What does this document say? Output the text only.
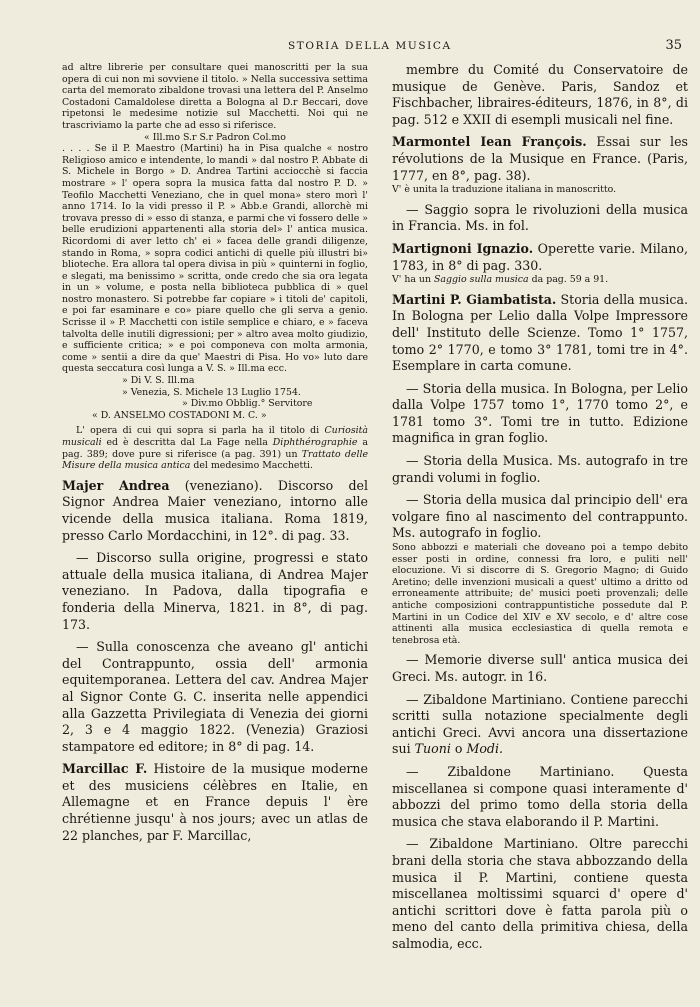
STORIA DELLA MUSICA	35

ad altre librerie per consultare quei manoscritti per la sua opera di cui non mi sovviene il titolo. » Nella successiva settima carta del memorato zibaldone trovasi una lettera del P. Anselmo Costadoni Camaldolese diretta a Bologna al D.r Beccari, dove ripetonsi le medesime notizie sul Macchetti. Noi qui ne trascriviamo la parte che ad esso si riferisce.

« Ill.mo S.r S.r Padron Col.mo

. . . . Se il P. Maestro (Martini) ha in Pisa qualche « nostro Religioso amico e intendente, lo mandi » dal nostro P. Abbate di S. Michele in Borgo » D. Andrea Tartini acciocchè si faccia mostrare » l' opera sopra la musica fatta dal nostro P. D. » Teofilo Macchetti Veneziano, che in quel mona» stero morì l' anno 1714. Io la vidi presso il P. » Abb.e Grandi, allorchè mi trovava presso di » esso di stanza, e parmi che vi fossero delle » belle erudizioni appartenenti alla storia del» l' antica musica. Ricordomi di aver letto ch' ei » facea delle grandi diligenze, stando in Roma, » sopra codici antichi di quelle più illustri bi» blioteche. Era allora tal opera divisa in più » quinterni in foglio, e slegati, ma benissimo » scritta, onde credo che sia ora legata in un » volume, e posta nella biblioteca pubblica di » quel nostro monastero. Si potrebbe far copiare » i titoli de' capitoli, e poi far esaminare e co» piare quello che gli serva a genio. Scrisse il » P. Macchetti con istile semplice e chiaro, e » faceva talvolta delle inutili digressioni; per » altro avea molto giudizio, e sufficiente critica; » e poi componeva con molta armonia, come » sentii a dire da que' Maestri di Pisa. Ho vo» luto dare questa seccatura così lunga a V. S. » Ill.ma ecc.

» Di V. S. Ill.ma

» Venezia, S. Michele 13 Luglio 1754.

» Div.mo Obblig.° Servitore

« D. ANSELMO COSTADONI M. C. »

L' opera di cui qui sopra si parla ha il titolo di Curiosità musicali ed è descritta dal La Fage nella Diphthérographie a pag. 389; dove pure si riferisce (a pag. 391) un Trattato delle Misure della musica antica del medesimo Macchetti.

Majer Andrea (veneziano). Discorso del Signor Andrea Maier veneziano, intorno alle vicende della musica italiana. Roma 1819, presso Carlo Mordacchini, in 12°. di pag. 33.

— Discorso sulla origine, progressi e stato attuale della musica italiana, di Andrea Majer veneziano. In Padova, dalla tipografia e fonderia della Minerva, 1821. in 8°, di pag. 173.

— Sulla conoscenza che aveano gl' antichi del Contrappunto, ossia dell' armonia equitemporanea. Lettera del cav. Andrea Majer al Signor Conte G. C. inserita nelle appendici alla Gazzetta Privilegiata di Venezia dei giorni 2, 3 e 4 maggio 1822. (Venezia) Graziosi stampatore ed editore; in 8° di pag. 14.

Marcillac F. Histoire de la musique moderne et des musiciens célèbres en Italie, en Allemagne et en France depuis l' ère chrétienne jusqu' à nos jours; avec un atlas de 22 planches, par F. Marcillac,

membre du Comité du Conservatoire de musique de Genève. Paris, Sandoz et Fischbacher, libraires-éditeurs, 1876, in 8°, di pag. 512 e XXII di esempli musicali nel fine.

Marmontel Iean François. Essai sur les révolutions de la Musique en France. (Paris, 1777, en 8°, pag. 38).

V' è unita la traduzione italiana in manoscritto.

— Saggio sopra le rivoluzioni della musica in Francia. Ms. in fol.

Martignoni Ignazio. Operette varie. Milano, 1783, in 8° di pag. 330.

V' ha un Saggio sulla musica da pag. 59 a 91.

Martini P. Giambatista. Storia della musica. In Bologna per Lelio dalla Volpe Impressore dell' Instituto delle Scienze. Tomo 1° 1757, tomo 2° 1770, e tomo 3° 1781, tomi tre in 4°. Esemplare in carta comune.

— Storia della musica. In Bologna, per Lelio dalla Volpe 1757 tomo 1°, 1770 tomo 2°, e 1781 tomo 3°. Tomi tre in tutto. Edizione magnifica in gran foglio.

— Storia della Musica. Ms. autografo in tre grandi volumi in foglio.

— Storia della musica dal principio dell' era volgare fino al nascimento del contrappunto. Ms. autografo in foglio.

Sono abbozzi e materiali che doveano poi a tempo debito esser posti in ordine, connessi fra loro, e puliti nell' elocuzione. Vi si discorre di S. Gregorio Magno; di Guido Aretino; delle invenzioni musicali a quest' ultimo a dritto od erroneamente attribuite; de' musici poeti provenzali; delle antiche composizioni contrappuntistiche possedute dal P. Martini in un Codice del XIV e XV secolo, e d' altre cose attinenti alla musica ecclesiastica di quella remota e tenebrosa età.

— Memorie diverse sull' antica musica dei Greci. Ms. autogr. in 16.

— Zibaldone Martiniano. Contiene parecchi scritti sulla notazione specialmente degli antichi Greci. Avvi ancora una dissertazione sui Tuoni o Modi.

— Zibaldone Martiniano. Questa miscellanea si compone quasi interamente d' abbozzi del primo tomo della storia della musica che stava elaborando il P. Martini.

— Zibaldone Martiniano. Oltre parecchi brani della storia che stava abbozzando della musica il P. Martini, contiene questa miscellanea moltissimi squarci d' opere d' antichi scrittori dove è fatta parola più o meno del canto della primitiva chiesa, della salmodia, ecc.
